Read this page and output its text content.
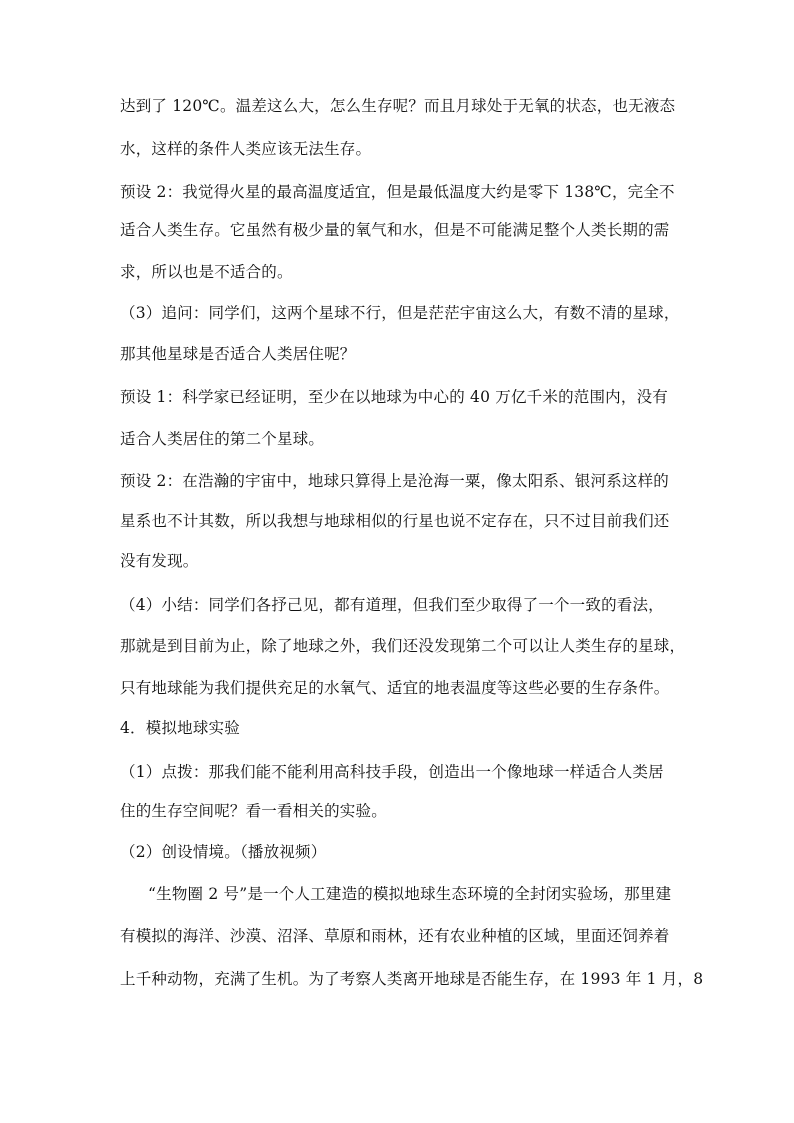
达到了 120℃。温差这么大，怎么生存呢？而且月球处于无氧的状态，也无液态
水，这样的条件人类应该无法生存。
预设 2：我觉得火星的最高温度适宜，但是最低温度大约是零下 138℃，完全不
适合人类生存。它虽然有极少量的氧气和水，但是不可能满足整个人类长期的需
求，所以也是不适合的。
（3）追问：同学们，这两个星球不行，但是茫茫宇宙这么大，有数不清的星球，
那其他星球是否适合人类居住呢？
预设 1：科学家已经证明，至少在以地球为中心的 40 万亿千米的范围内，没有
适合人类居住的第二个星球。
预设 2：在浩瀚的宇宙中，地球只算得上是沧海一粟，像太阳系、银河系这样的
星系也不计其数，所以我想与地球相似的行星也说不定存在，只不过目前我们还
没有发现。
（4）小结：同学们各抒己见，都有道理，但我们至少取得了一个一致的看法，
那就是到目前为止，除了地球之外，我们还没发现第二个可以让人类生存的星球，
只有地球能为我们提供充足的水氧气、适宜的地表温度等这些必要的生存条件。
4．模拟地球实验
（1）点拨：那我们能不能利用高科技手段，创造出一个像地球一样适合人类居
住的生存空间呢？看一看相关的实验。
（2）创设情境。（播放视频）
“生物圈 2 号”是一个人工建造的模拟地球生态环境的全封闭实验场，那里建
有模拟的海洋、沙漠、沼泽、草原和雨林，还有农业种植的区域，里面还饲养着
上千种动物，充满了生机。为了考察人类离开地球是否能生存，在 1993 年 1 月，8
